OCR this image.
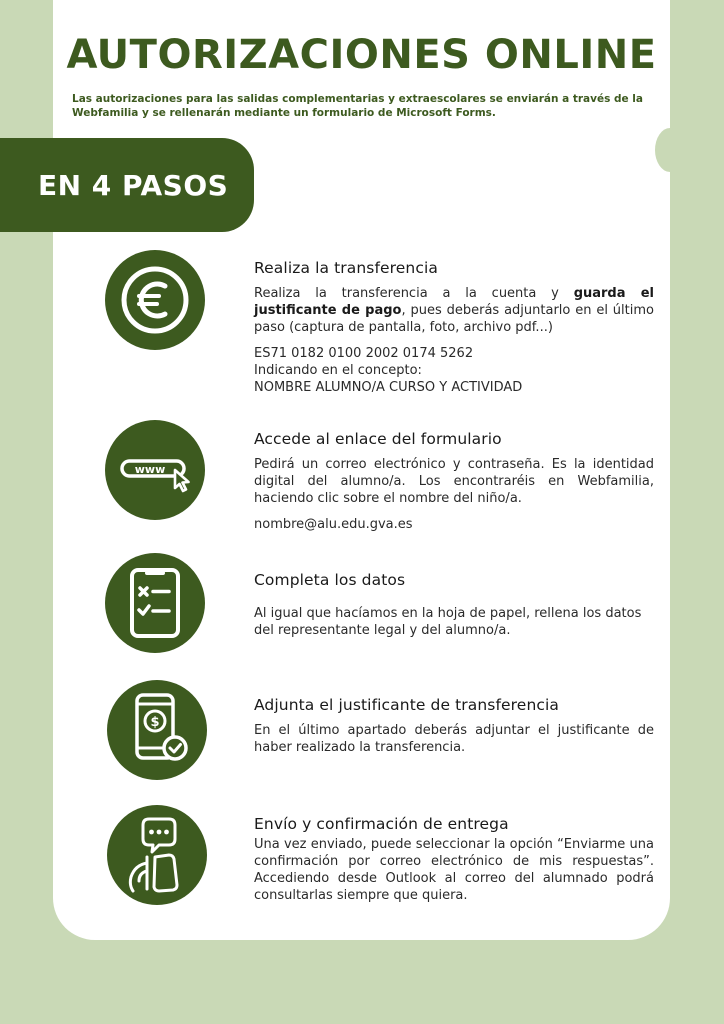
AUTORIZACIONES ONLINE

Las autorizaciones para las salidas complementarias y extraescolares se enviarán a través de la Webfamilia y se rellenarán mediante un formulario de Microsoft Forms.

EN 4 PASOS
Realiza la transferencia

Realiza la transferencia a la cuenta y guarda el justificante de pago, pues deberás adjuntarlo en el último paso (captura de pantalla, foto, archivo pdf...)

ES71 0182 0100 2002 0174 5262

Indicando en el concepto:

NOMBRE ALUMNO/A CURSO Y ACTIVIDAD

www
Accede al enlace del formulario

Pedirá un correo electrónico y contraseña. Es la identidad digital del alumno/a. Los encontraréis en Webfamilia, haciendo clic sobre el nombre del niño/a.

nombre@alu.edu.gva.es

Completa los datos

Al igual que hacíamos en la hoja de papel, rellena los datos del representante legal y del alumno/a.

$
Adjunta el justificante de transferencia

En el último apartado deberás adjuntar el justificante de haber realizado la transferencia.

Envío y confirmación de entrega

Una vez enviado, puede seleccionar la opción “Enviarme una confirmación por correo electrónico de mis respuestas”. Accediendo desde Outlook al correo del alumnado podrá consultarlas siempre que quiera.
